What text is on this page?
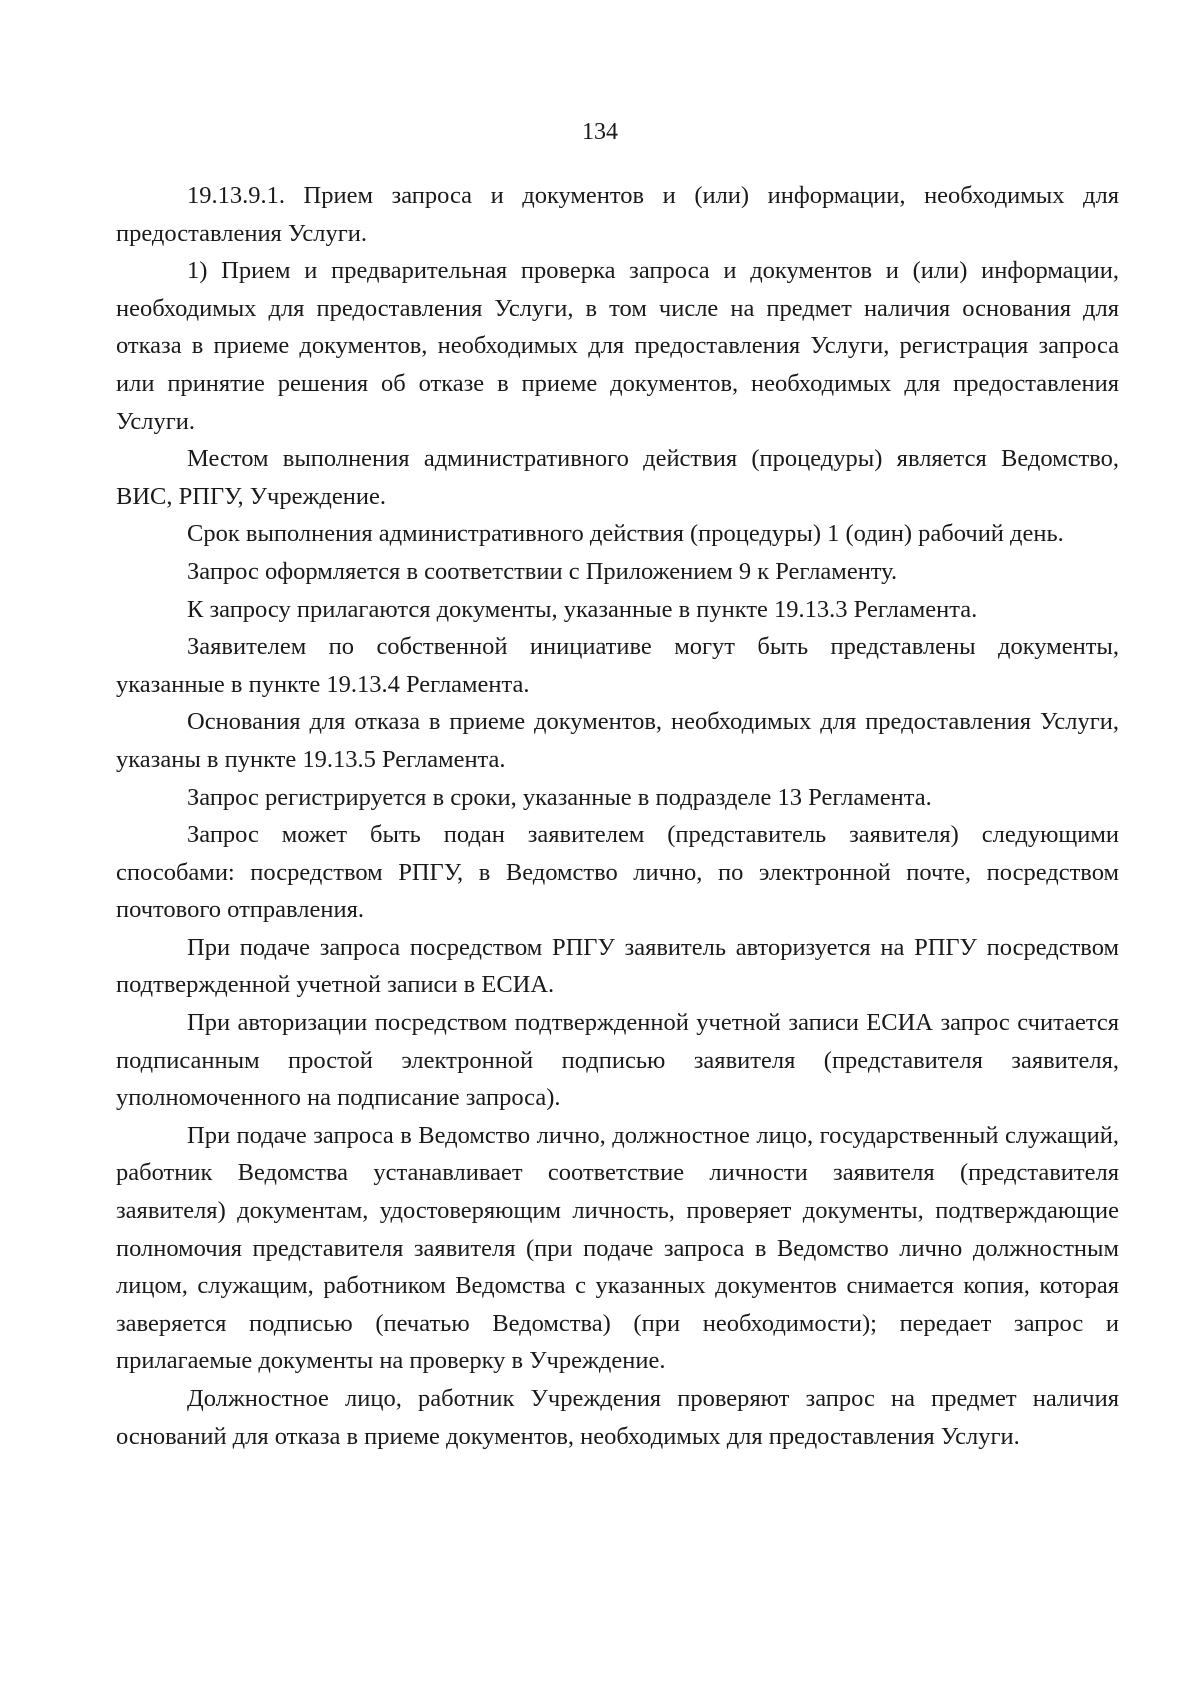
134

19.13.9.1. Прием запроса и документов и (или) информации, необходимых для предоставления Услуги.

1) Прием и предварительная проверка запроса и документов и (или) информации, необходимых для предоставления Услуги, в том числе на предмет наличия основания для отказа в приеме документов, необходимых для предоставления Услуги, регистрация запроса или принятие решения об отказе в приеме документов, необходимых для предоставления Услуги.

Местом выполнения административного действия (процедуры) является Ведомство, ВИС, РПГУ, Учреждение.

Срок выполнения административного действия (процедуры) 1 (один) рабочий день.

Запрос оформляется в соответствии с Приложением 9 к Регламенту.

К запросу прилагаются документы, указанные в пункте 19.13.3 Регламента.

Заявителем по собственной инициативе могут быть представлены документы, указанные в пункте 19.13.4 Регламента.

Основания для отказа в приеме документов, необходимых для предоставления Услуги, указаны в пункте 19.13.5 Регламента.

Запрос регистрируется в сроки, указанные в подразделе 13 Регламента.

Запрос может быть подан заявителем (представитель заявителя) следующими способами: посредством РПГУ, в Ведомство лично, по электронной почте, посредством почтового отправления.

При подаче запроса посредством РПГУ заявитель авторизуется на РПГУ посредством подтвержденной учетной записи в ЕСИА.

При авторизации посредством подтвержденной учетной записи ЕСИА запрос считается подписанным простой электронной подписью заявителя (представителя заявителя, уполномоченного на подписание запроса).

При подаче запроса в Ведомство лично, должностное лицо, государственный служащий, работник Ведомства устанавливает соответствие личности заявителя (представителя заявителя) документам, удостоверяющим личность, проверяет документы, подтверждающие полномочия представителя заявителя (при подаче запроса в Ведомство лично должностным лицом, служащим, работником Ведомства с указанных документов снимается копия, которая заверяется подписью (печатью Ведомства) (при необходимости); передает запрос и прилагаемые документы на проверку в Учреждение.

Должностное лицо, работник Учреждения проверяют запрос на предмет наличия оснований для отказа в приеме документов, необходимых для предоставления Услуги.
